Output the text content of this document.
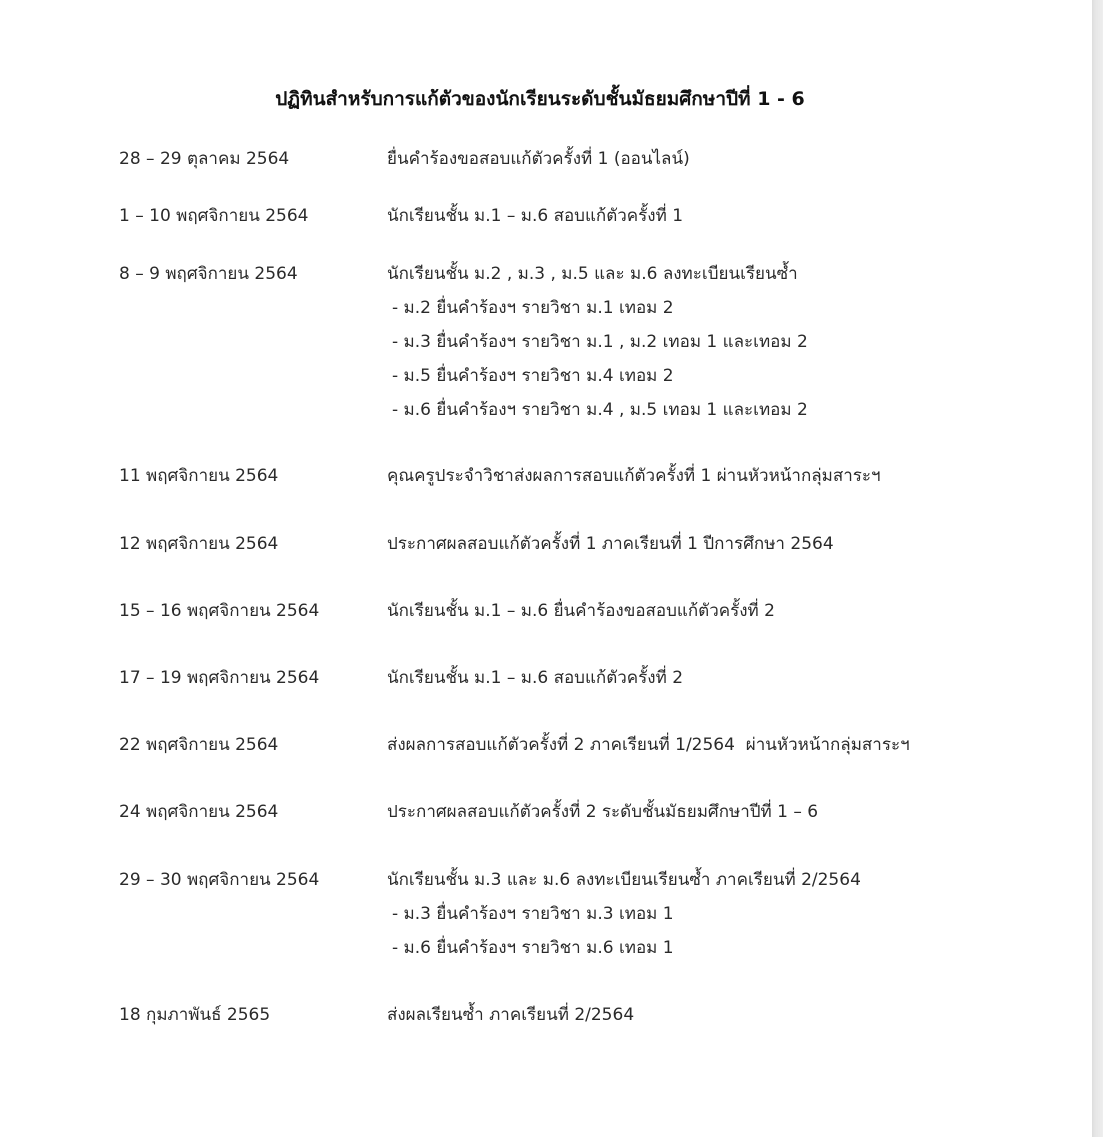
ปฏิทินสำหรับการแก้ตัวของนักเรียนระดับชั้นมัธยมศึกษาปีที่ 1 - 6
28 – 29 ตุลาคม 2564	ยื่นคำร้องขอสอบแก้ตัวครั้งที่ 1 (ออนไลน์)
1 – 10 พฤศจิกายน 2564	นักเรียนชั้น ม.1 – ม.6 สอบแก้ตัวครั้งที่ 1
8 – 9 พฤศจิกายน 2564	นักเรียนชั้น ม.2 , ม.3 , ม.5 และ ม.6 ลงทะเบียนเรียนซ้ำ
- ม.2 ยื่นคำร้องฯ รายวิชา ม.1 เทอม 2
- ม.3 ยื่นคำร้องฯ รายวิชา ม.1 , ม.2 เทอม 1 และเทอม 2
- ม.5 ยื่นคำร้องฯ รายวิชา ม.4 เทอม 2
- ม.6 ยื่นคำร้องฯ รายวิชา ม.4 , ม.5 เทอม 1 และเทอม 2
11 พฤศจิกายน 2564	คุณครูประจำวิชาส่งผลการสอบแก้ตัวครั้งที่ 1 ผ่านหัวหน้ากลุ่มสาระฯ
12 พฤศจิกายน 2564	ประกาศผลสอบแก้ตัวครั้งที่ 1 ภาคเรียนที่ 1 ปีการศึกษา 2564
15 – 16 พฤศจิกายน 2564	นักเรียนชั้น ม.1 – ม.6 ยื่นคำร้องขอสอบแก้ตัวครั้งที่ 2
17 – 19 พฤศจิกายน 2564	นักเรียนชั้น ม.1 – ม.6 สอบแก้ตัวครั้งที่ 2
22 พฤศจิกายน 2564	ส่งผลการสอบแก้ตัวครั้งที่ 2 ภาคเรียนที่ 1/2564  ผ่านหัวหน้ากลุ่มสาระฯ
24 พฤศจิกายน 2564	ประกาศผลสอบแก้ตัวครั้งที่ 2 ระดับชั้นมัธยมศึกษาปีที่ 1 – 6
29 – 30 พฤศจิกายน 2564	นักเรียนชั้น ม.3 และ ม.6 ลงทะเบียนเรียนซ้ำ ภาคเรียนที่ 2/2564
- ม.3 ยื่นคำร้องฯ รายวิชา ม.3 เทอม 1
- ม.6 ยื่นคำร้องฯ รายวิชา ม.6 เทอม 1
18 กุมภาพันธ์ 2565	ส่งผลเรียนซ้ำ ภาคเรียนที่ 2/2564
